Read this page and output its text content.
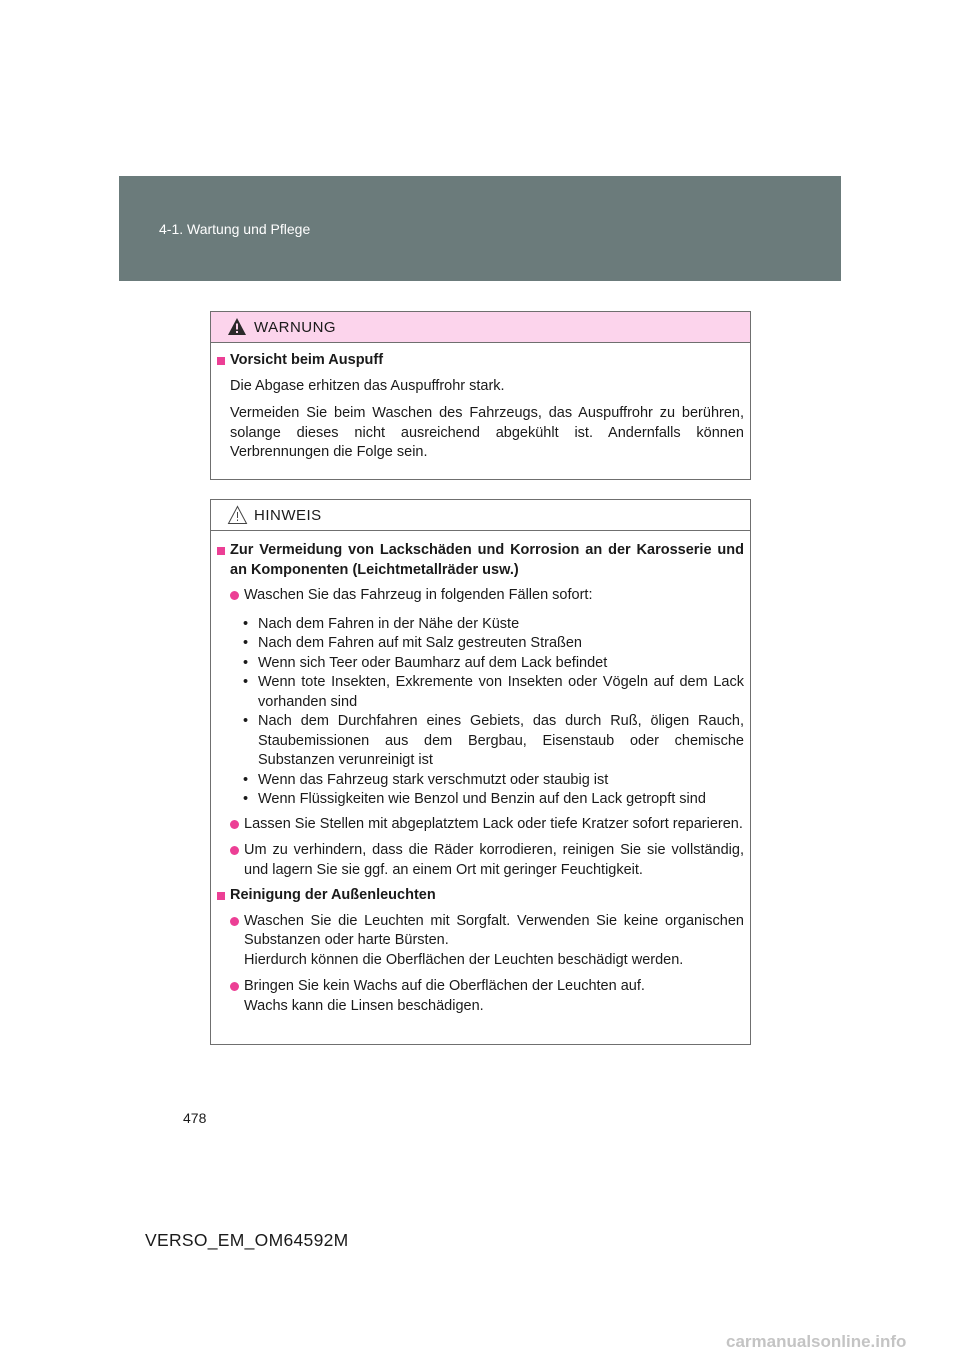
4-1. Wartung und Pflege
WARNUNG
Vorsicht beim Auspuff

Die Abgase erhitzen das Auspuffrohr stark.

Vermeiden Sie beim Waschen des Fahrzeugs, das Auspuffrohr zu berühren, solange dieses nicht ausreichend abgekühlt ist. Andernfalls können Verbrennungen die Folge sein.

HINWEIS
Zur Vermeidung von Lackschäden und Korrosion an der Karosserie und an Komponenten (Leichtmetallräder usw.)
Waschen Sie das Fahrzeug in folgenden Fällen sofort:
• Nach dem Fahren in der Nähe der Küste
• Nach dem Fahren auf mit Salz gestreuten Straßen
• Wenn sich Teer oder Baumharz auf dem Lack befindet
• Wenn tote Insekten, Exkremente von Insekten oder Vögeln auf dem Lack vorhanden sind
• Nach dem Durchfahren eines Gebiets, das durch Ruß, öligen Rauch, Staubemissionen aus dem Bergbau, Eisenstaub oder chemische Substanzen verunreinigt ist
• Wenn das Fahrzeug stark verschmutzt oder staubig ist
• Wenn Flüssigkeiten wie Benzol und Benzin auf den Lack getropft sind
Lassen Sie Stellen mit abgeplatztem Lack oder tiefe Kratzer sofort reparieren.
Um zu verhindern, dass die Räder korrodieren, reinigen Sie sie vollständig, und lagern Sie sie ggf. an einem Ort mit geringer Feuchtigkeit.
Reinigung der Außenleuchten
Waschen Sie die Leuchten mit Sorgfalt. Verwenden Sie keine organischen Substanzen oder harte Bürsten.
Hierdurch können die Oberflächen der Leuchten beschädigt werden.
Bringen Sie kein Wachs auf die Oberflächen der Leuchten auf.
Wachs kann die Linsen beschädigen.
478
VERSO_EM_OM64592M
carmanualsonline.info
